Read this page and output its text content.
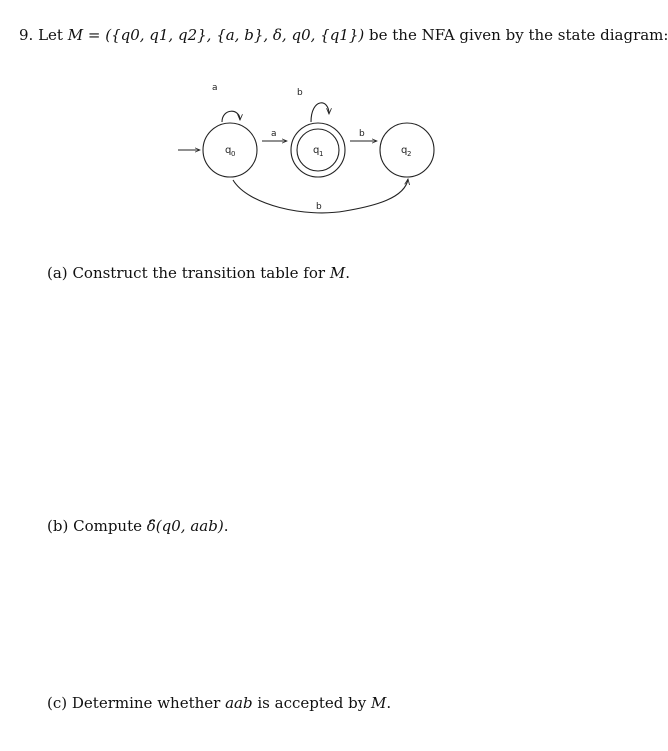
9. Let M = ({q0, q1, q2}, {a, b}, δ, q0, {q1}) be the NFA given by the state diagram:
q 0	q 1	q 2
a
a
b
b
b
(a) Construct the transition table for M.
(b) Compute δ̂(q0, aab).
(c) Determine whether aab is accepted by M.
